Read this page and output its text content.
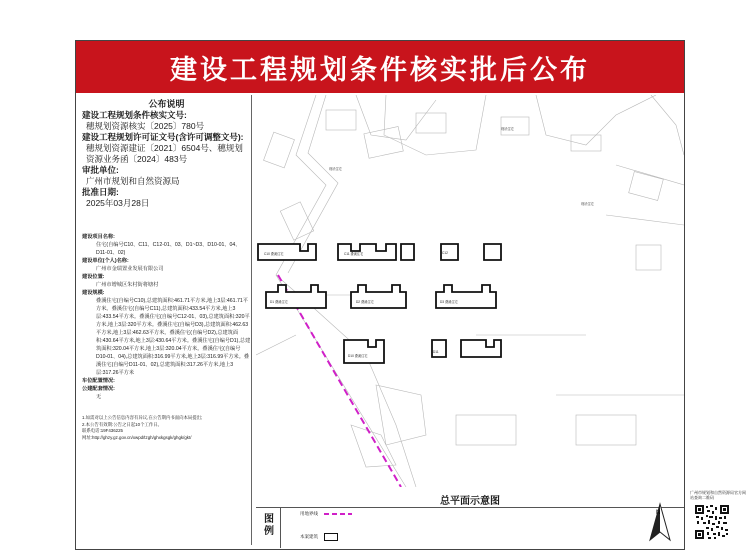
建设工程规划条件核实批后公布
公布说明
建设工程规划条件核实文号:
穗规划资源核实〔2025〕780号
建设工程规划许可证文号(含许可调整文号):
穗规划资源建证〔2021〕6504号、穗规划资源业务函〔2024〕483号
审批单位:
广州市规划和自然资源局
批准日期:
2025年03月28日
建设项目名称:
住宅(自编号C10、C11、C12-01、03、D1~D3、D10-01、04、D11-01、02)
建设单位(个人)名称:
广州市金瑞置业发展有限公司
建设位置:
广州市增城区朱村街将塘村
建设规模:
叠溪住宅(自编号C10),总建筑面积:461.71平方米,地上3层:461.71平方米。叠溪住宅(自编号C11),总建筑面积:433.54平方米,地上3层:433.54平方米。叠溪住宅(自编号C12-01、03),总建筑面积:320平方米,地上3层:320平方米。叠溪住宅(自编号D3),总建筑面积:462.63平方米,地上3层:462.63平方米。叠溪住宅(自编号D2),总建筑面积:430.64平方米,地上3层:430.64平方米。叠溪住宅(自编号D1),总建筑面积:320.04平方米,地上3层:320.04平方米。叠溪住宅(自编号D10-01、04),总建筑面积:316.99平方米,地上3层:316.99平方米。叠溪住宅(自编号D11-01、02),总建筑面积:317.26平方米,地上3层:317.26平方米
车位配置情况:
公建配套情况:
无
1.如需对以上公告信息内容有异议,在公告期内书面向本局提出;
2.本公告有效期:公告之日起10个工作日。
联系电话:19F436225
网址:http://ghzy.gz.gov.cn/xwpd/tzgh/ghxkgsgk/ghgk/gkt/
C10 叠溪住宅	C11 叠溪住宅	C12
D1 叠溪住宅	D2 叠溪住宅	D3 叠溪住宅
D10 叠溪住宅
D11
现状住宅
现状住宅
现状住宅
总平面示意图
图例
用地界线
本案建筑
N
广州市规划和自然资源局官方网站查询二维码
